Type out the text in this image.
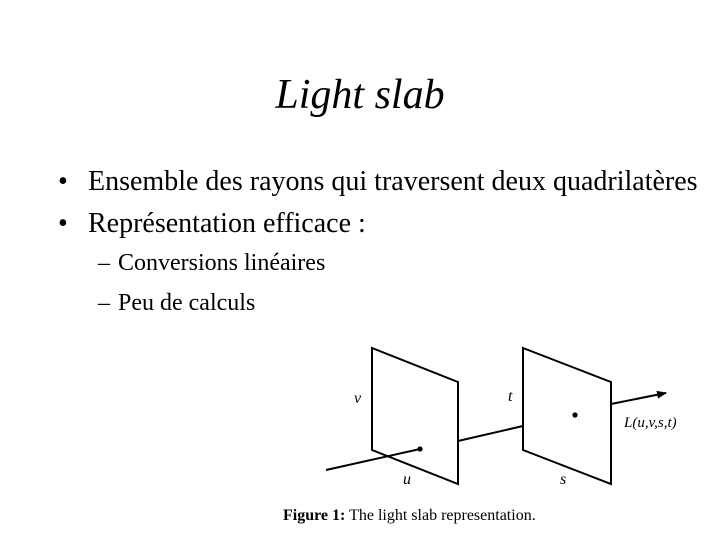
Light slab
• Ensemble des rayons qui traversent deux quadrilatères
• Représentation efficace :
– Conversions linéaires
– Peu de calculs
v
u
t
s
L(u,v,s,t)
Figure 1: The light slab representation.
